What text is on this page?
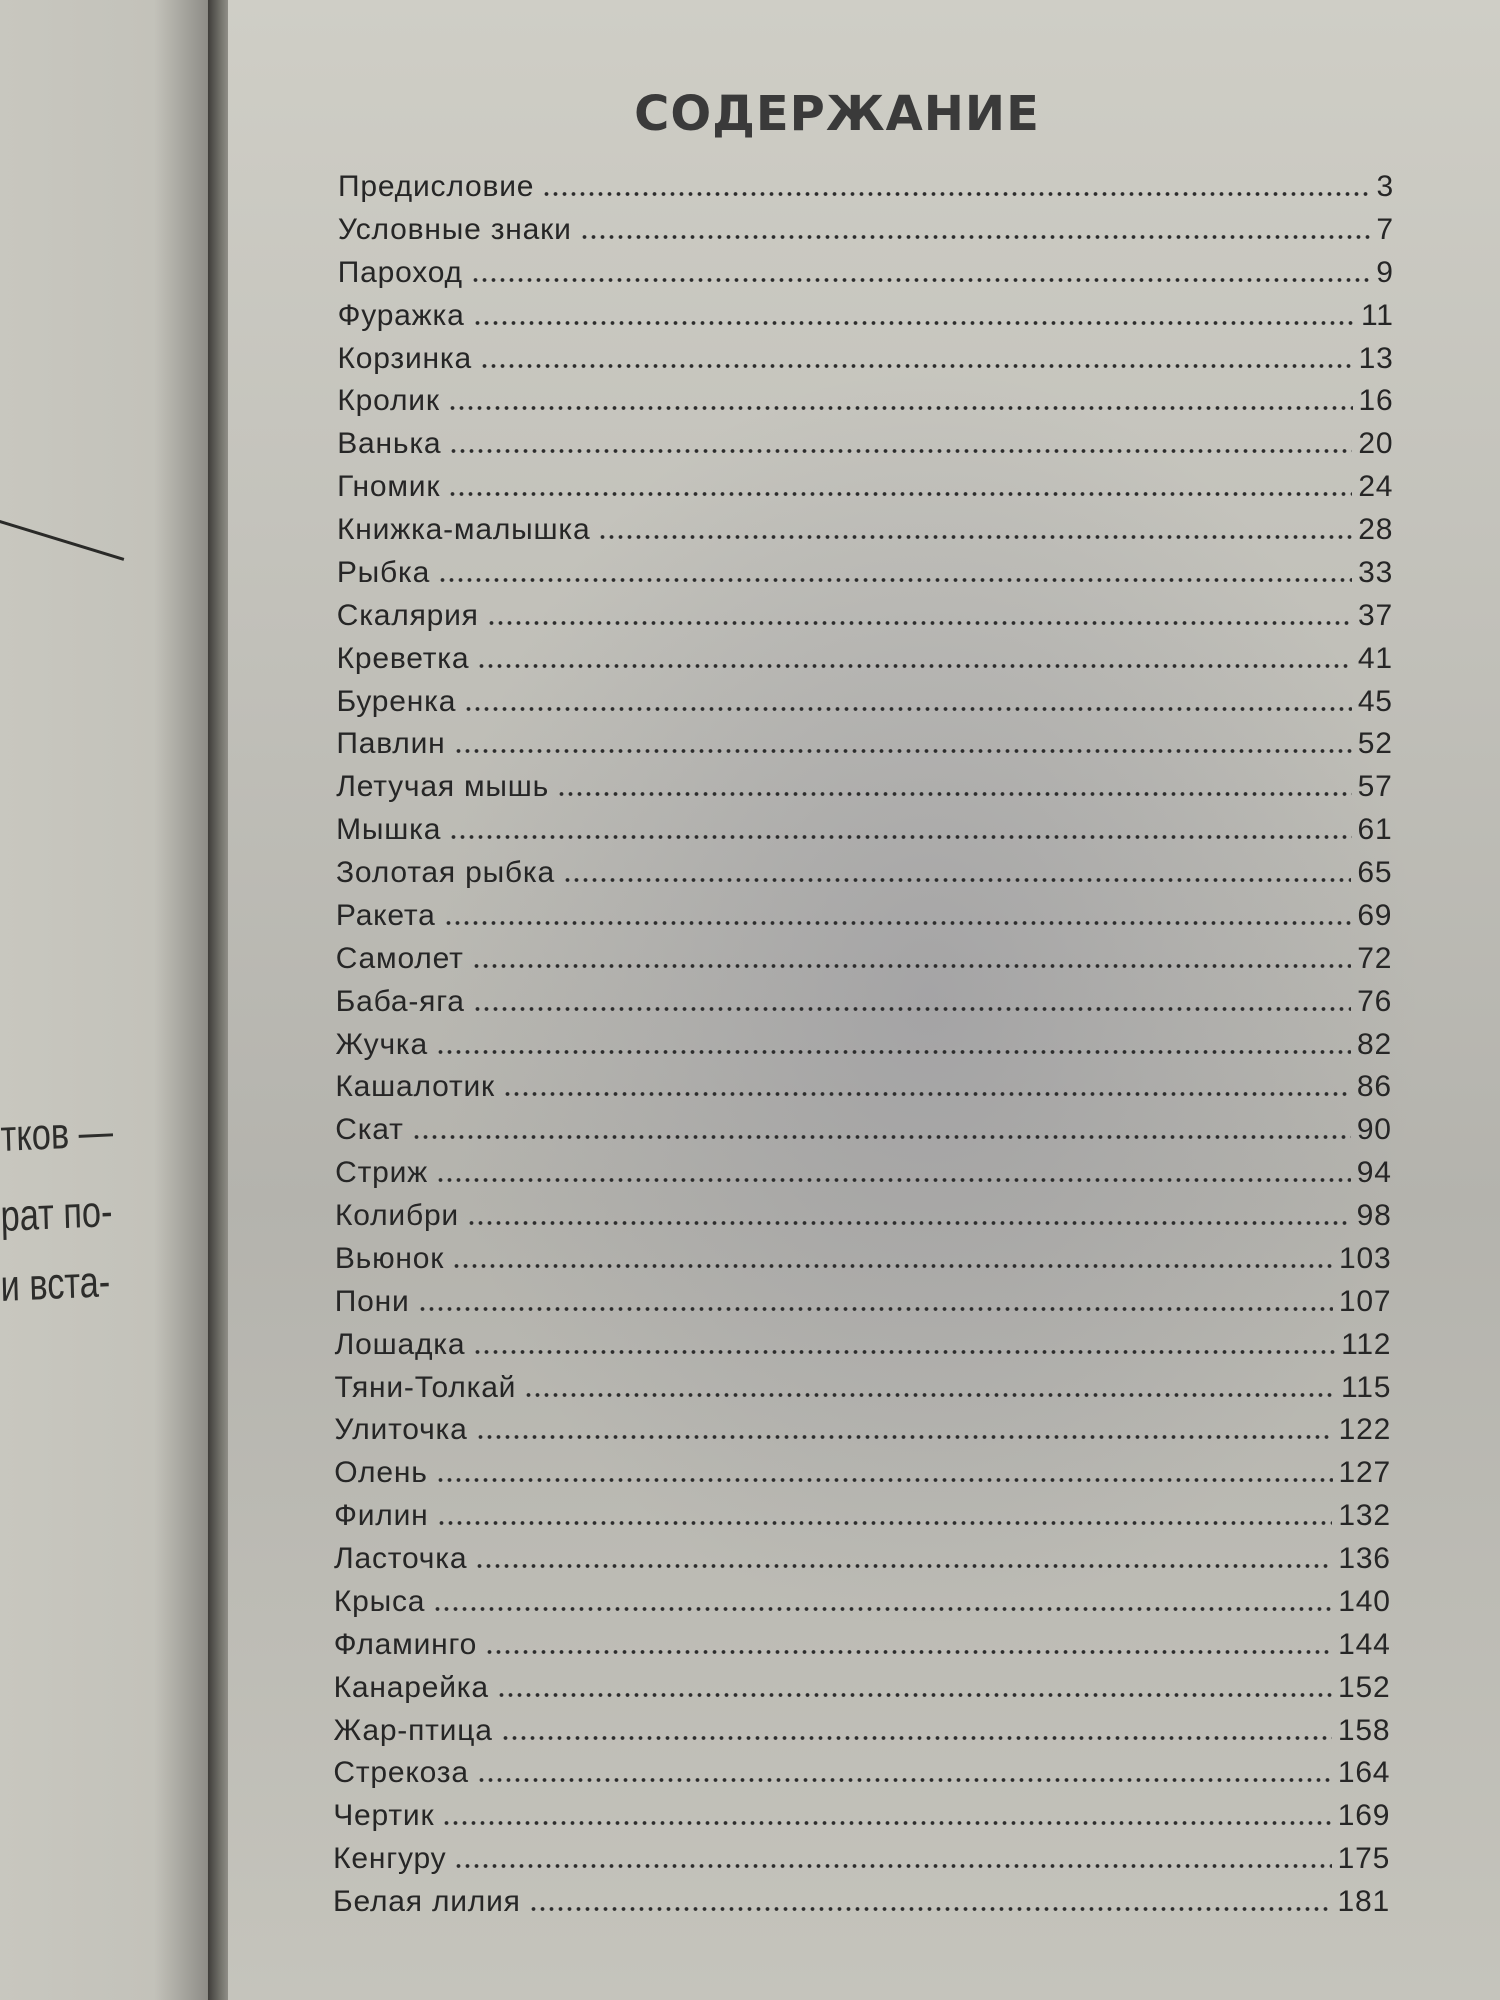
тков —
рат по-
и вста-
СОДЕРЖАНИЕ
Предисловие	3
Условные знаки	7
Пароход	9
Фуражка	11
Корзинка	13
Кролик	16
Ванька	20
Гномик	24
Книжка-малышка	28
Рыбка	33
Скалярия	37
Креветка	41
Буренка	45
Павлин	52
Летучая мышь	57
Мышка	61
Золотая рыбка	65
Ракета	69
Самолет	72
Баба-яга	76
Жучка	82
Кашалотик	86
Скат	90
Стриж	94
Колибри	98
Вьюнок	103
Пони	107
Лошадка	112
Тяни-Толкай	115
Улиточка	122
Олень	127
Филин	132
Ласточка	136
Крыса	140
Фламинго	144
Канарейка	152
Жар-птица	158
Стрекоза	164
Чертик	169
Кенгуру	175
Белая лилия	181
